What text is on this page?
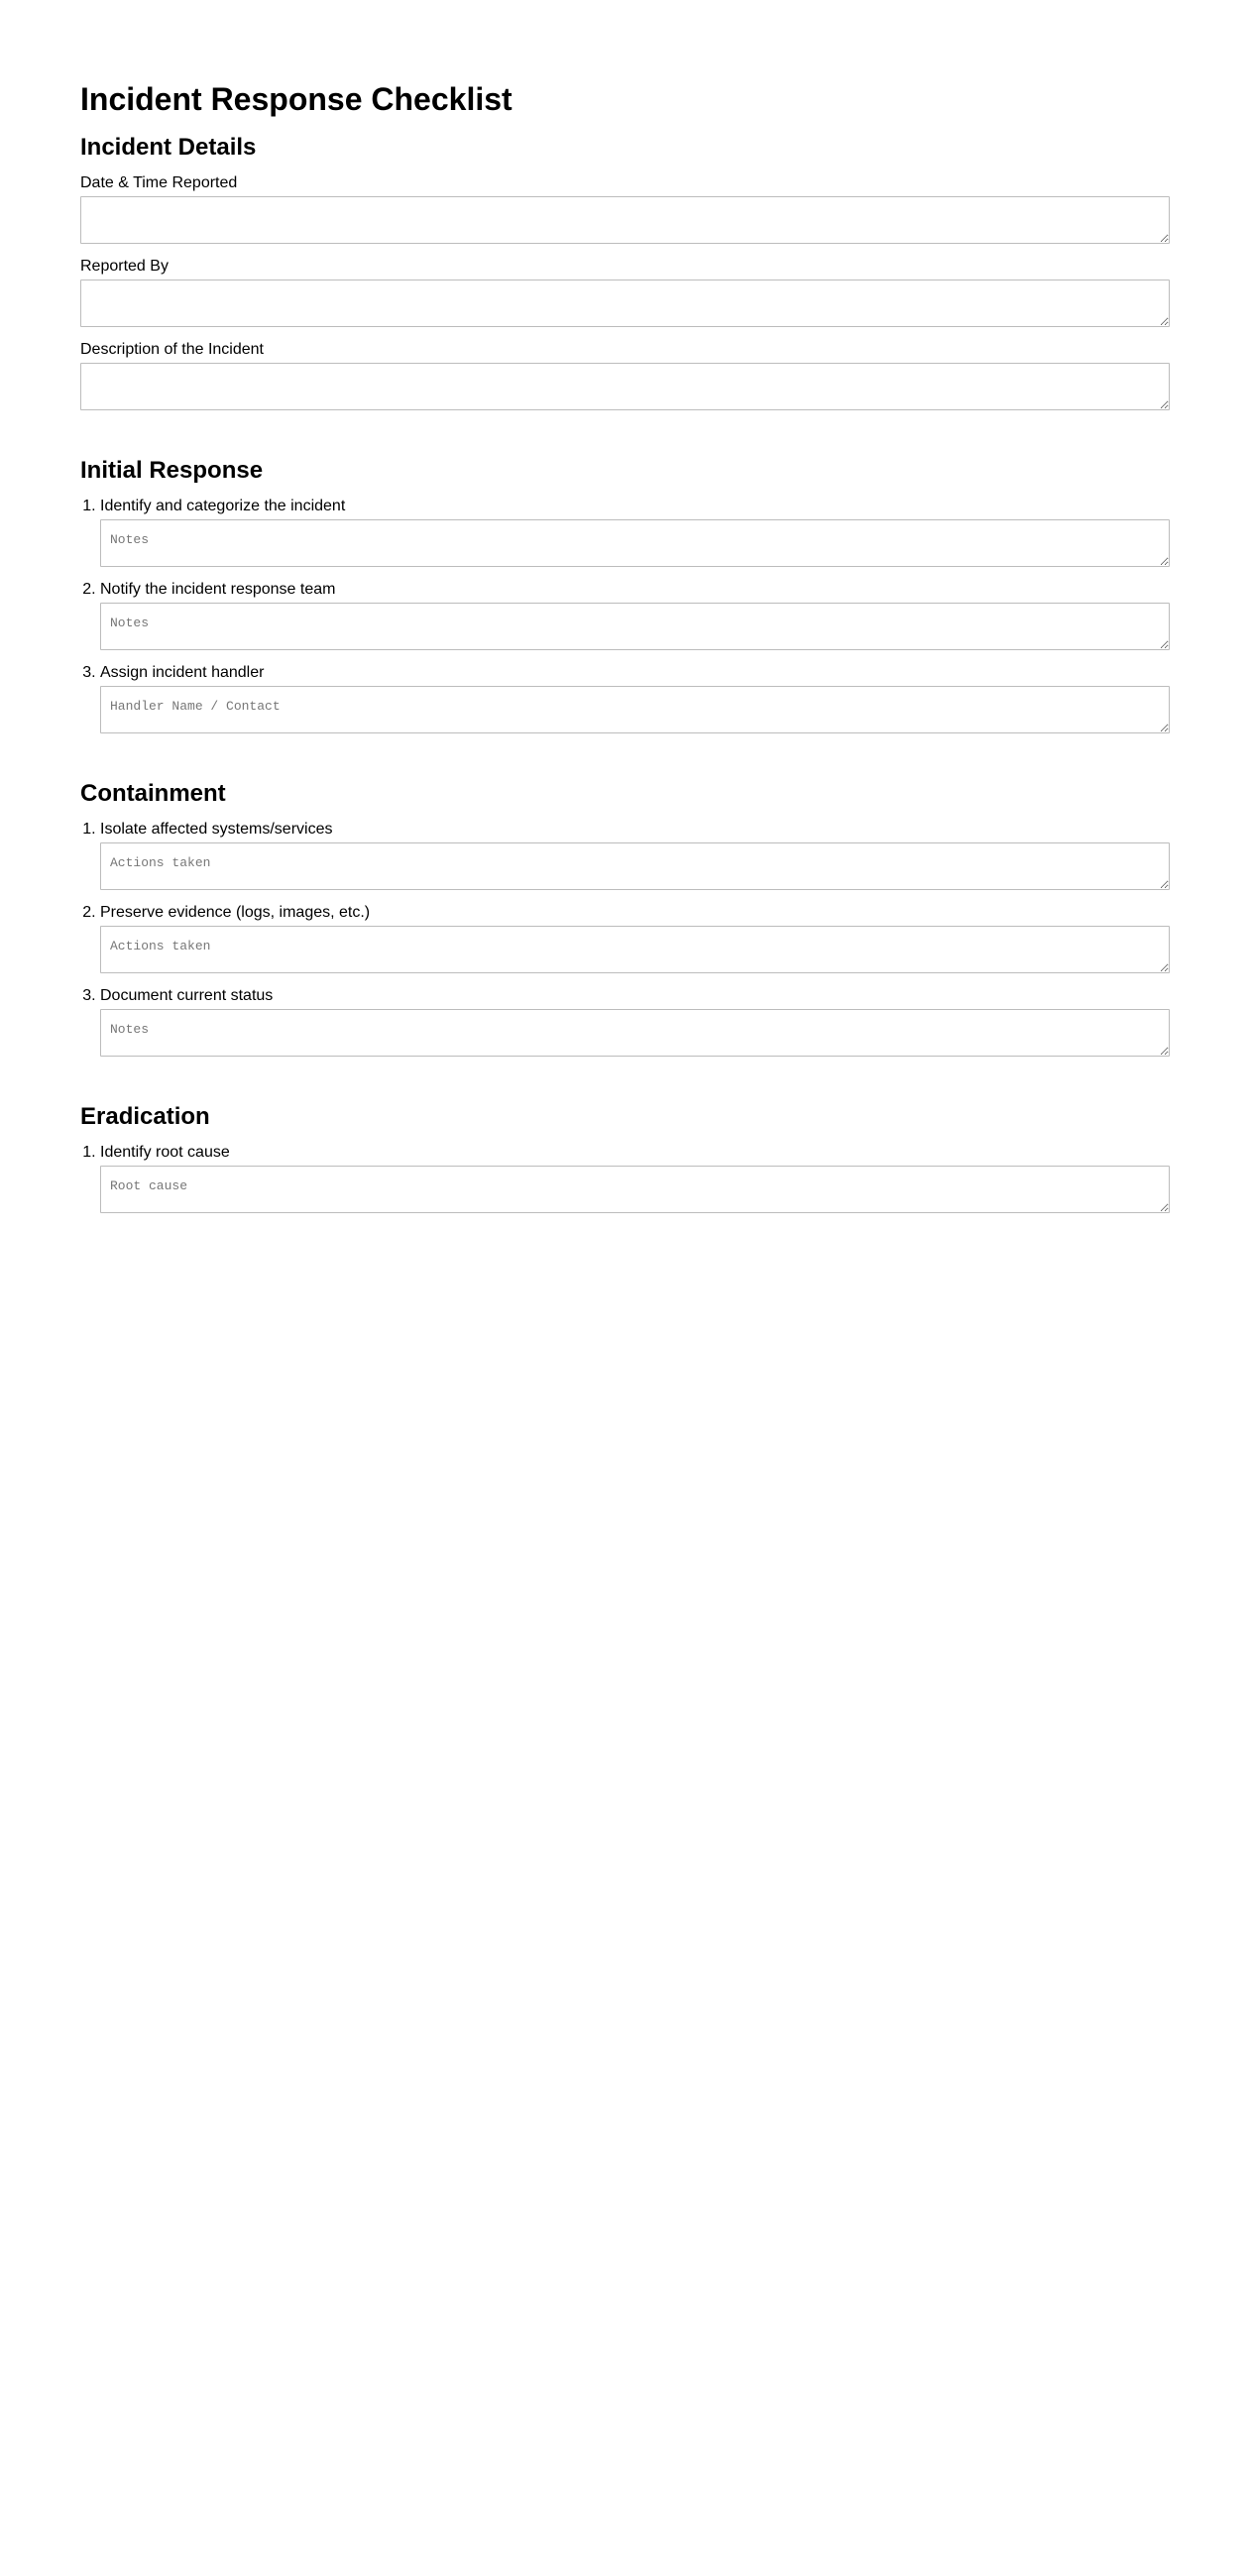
Incident Response Checklist
Incident Details
Date & Time Reported
Reported By
Description of the Incident
Initial Response
1. Identify and categorize the incident
Notes
2. Notify the incident response team
Notes
3. Assign incident handler
Handler Name / Contact
Containment
1. Isolate affected systems/services
Actions taken
2. Preserve evidence (logs, images, etc.)
Actions taken
3. Document current status
Notes
Eradication
1. Identify root cause
Root cause
